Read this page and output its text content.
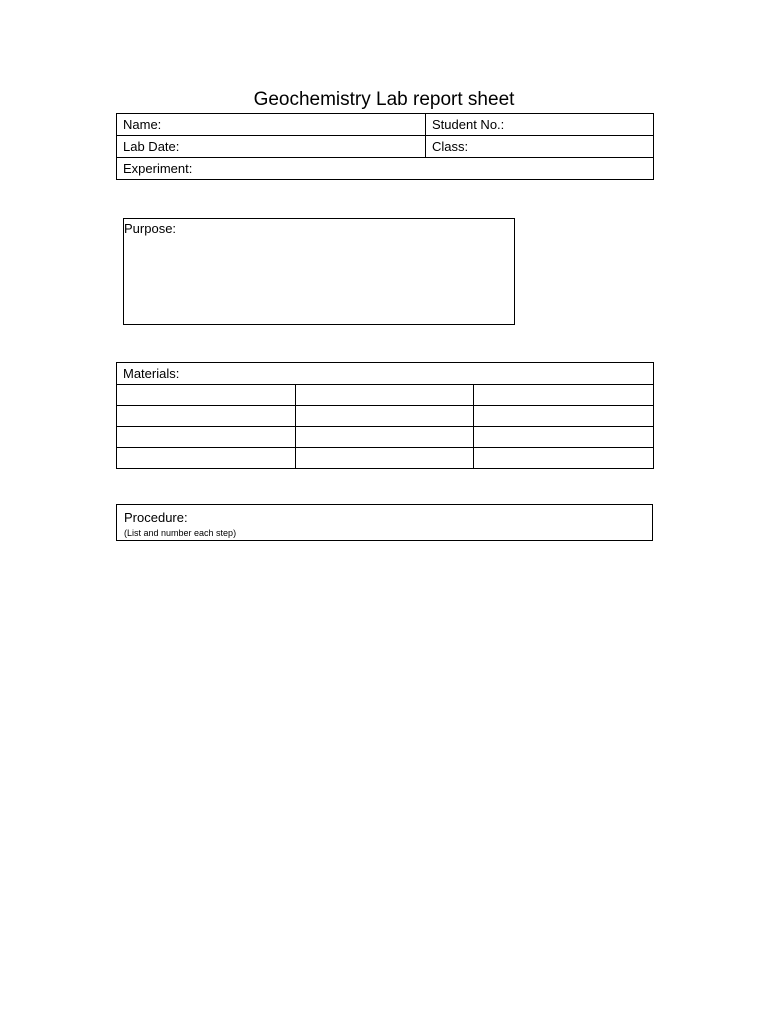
Geochemistry Lab report sheet
Name:	Student No.:
Lab Date:	Class:
Experiment:	
Purpose:
Materials:		

Procedure:
(List and number each step)
